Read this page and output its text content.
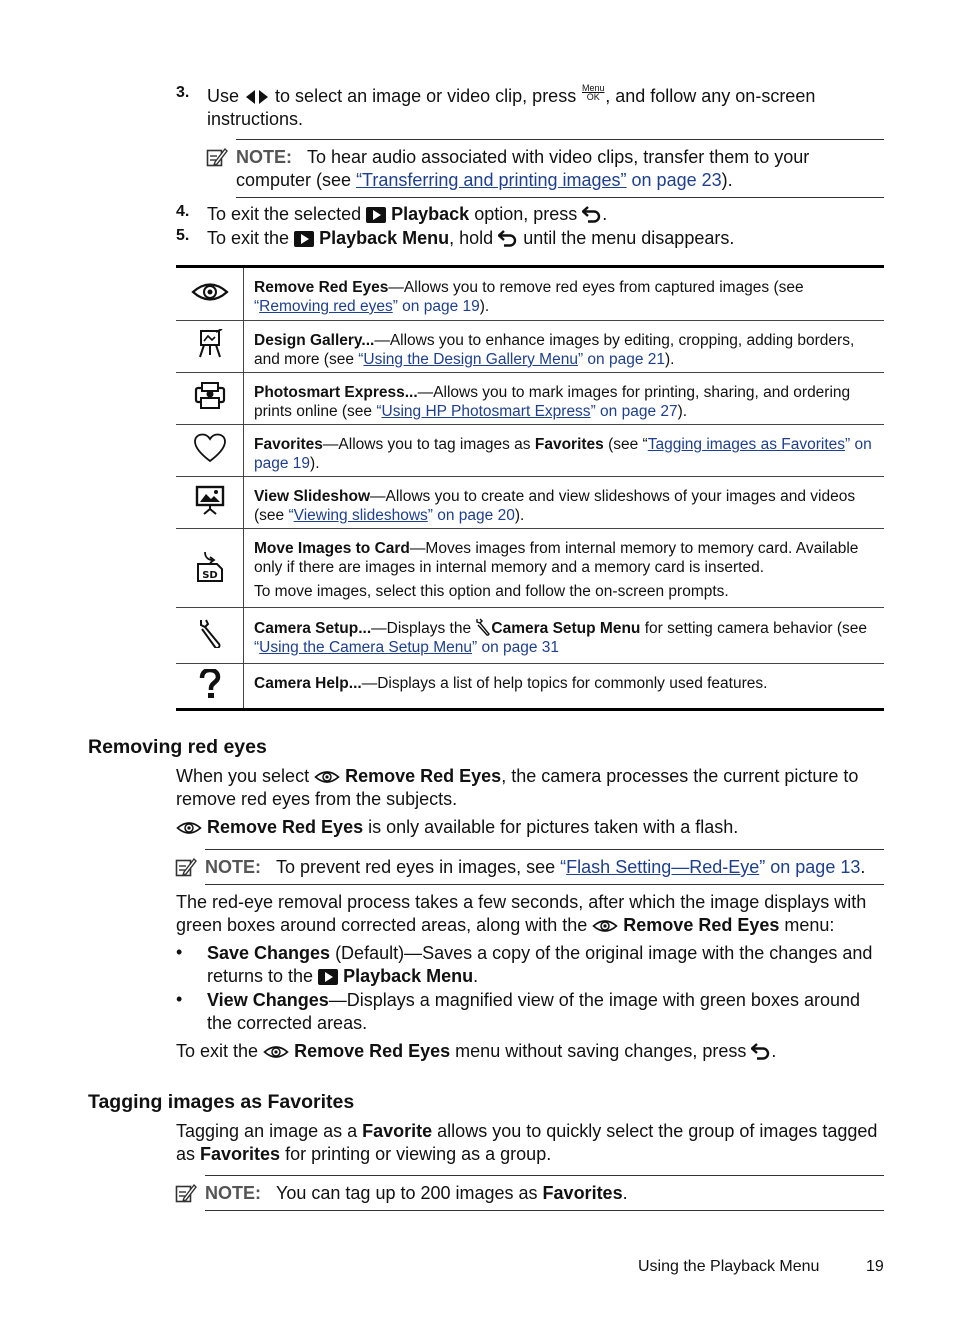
3. Use to select an image or video clip, press Menu
OK , and follow any on-screen instructions.
NOTE: To hear audio associated with video clips, transfer them to your computer (see “Transferring and printing images” on page 23).
4. To exit the selected Playback option, press .
5. To exit the Playback Menu, hold until the menu disappears.
	Remove Red Eyes—Allows you to remove red eyes from captured images (see “Removing red eyes” on page 19).
	Design Gallery...—Allows you to enhance images by editing, cropping, adding borders, and more (see “Using the Design Gallery Menu” on page 21).
	Photosmart Express...—Allows you to mark images for printing, sharing, and ordering prints online (see “Using HP Photosmart Express” on page 27).
	Favorites—Allows you to tag images as Favorites (see “Tagging images as Favorites” on page 19).
	View Slideshow—Allows you to create and view slideshows of your images and videos (see “Viewing slideshows” on page 20).

SD	Move Images to Card—Moves images from internal memory to memory card. Available only if there are images in internal memory and a memory card is inserted.
To move images, select this option and follow the on-screen prompts.

	Camera Setup...—Displays the Camera Setup Menu for setting camera behavior (see “Using the Camera Setup Menu” on page 31
	Camera Help...—Displays a list of help topics for commonly used features.
Removing red eyes
When you select Remove Red Eyes, the camera processes the current picture to remove red eyes from the subjects.
Remove Red Eyes is only available for pictures taken with a flash.
NOTE: To prevent red eyes in images, see “Flash Setting—Red-Eye” on page 13.
The red-eye removal process takes a few seconds, after which the image displays with green boxes around corrected areas, along with the Remove Red Eyes menu:
• Save Changes (Default)—Saves a copy of the original image with the changes and returns to the  Playback Menu.
• View Changes—Displays a magnified view of the image with green boxes around the corrected areas.
To exit the Remove Red Eyes menu without saving changes, press .
Tagging images as Favorites
Tagging an image as a Favorite allows you to quickly select the group of images tagged as Favorites for printing or viewing as a group.
NOTE: You can tag up to 200 images as Favorites.
Using the Playback Menu	19
